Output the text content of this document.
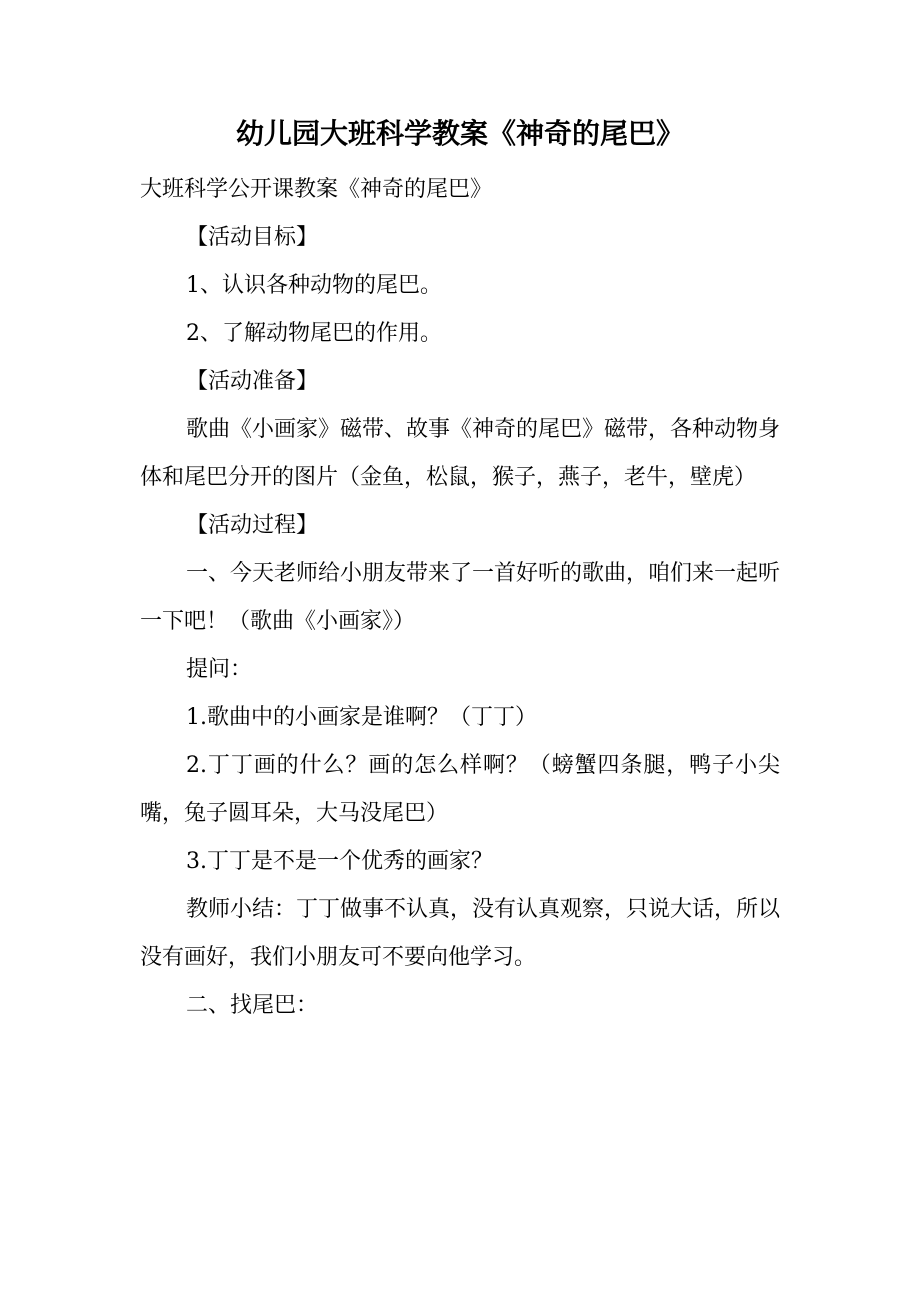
幼儿园大班科学教案《神奇的尾巴》

大班科学公开课教案《神奇的尾巴》

【活动目标】

1、认识各种动物的尾巴。

2、了解动物尾巴的作用。

【活动准备】

歌曲《小画家》磁带、故事《神奇的尾巴》磁带，各种动物身体和尾巴分开的图片（金鱼，松鼠，猴子，燕子，老牛，壁虎）

【活动过程】

一、今天老师给小朋友带来了一首好听的歌曲，咱们来一起听一下吧！（歌曲《小画家》）

提问：

1.歌曲中的小画家是谁啊？（丁丁）

2.丁丁画的什么？画的怎么样啊？（螃蟹四条腿，鸭子小尖嘴，兔子圆耳朵，大马没尾巴）

3.丁丁是不是一个优秀的画家？

教师小结：丁丁做事不认真，没有认真观察，只说大话，所以没有画好，我们小朋友可不要向他学习。

二、找尾巴：
